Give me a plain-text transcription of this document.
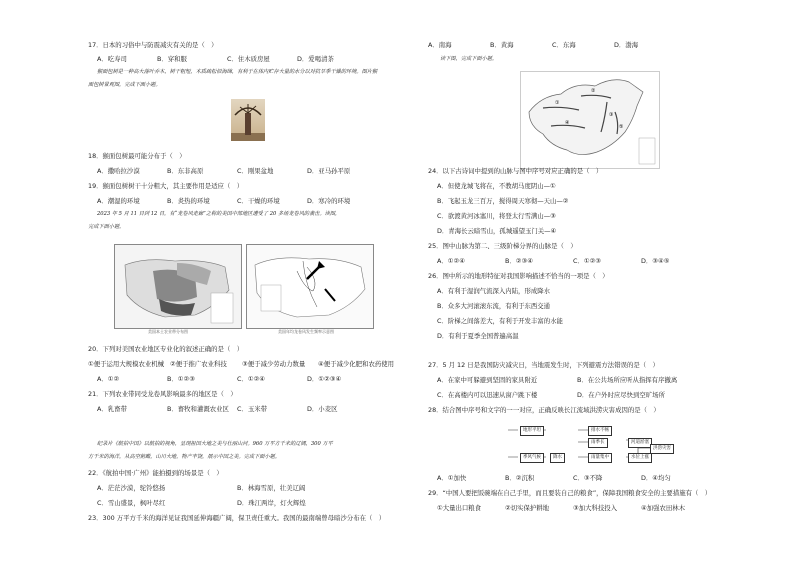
17．日本的习俗中与防震减灾有关的是（　）
A．吃寿司	B．穿和服	C．住木质房屋	D．爱喝清茶
猴面包树是一种高大落叶乔木，树干粗短，木质疏松似海绵，有利于在体内贮存大量的水分以对抗旱季干燥的环境。图片猴
面包树景观图，完成下面小题。
18．猴面包树最可能分布于（　）
A．撒哈拉沙漠	B．东非高原	C．刚果盆地	D．亚马孙平原
19．猴面包树树干十分粗大，其主要作用是适应（　）
A．潮湿的环境	B．炎热的环境	C．干燥的环境	D．寒冷的环境
2023 年 5 月 11 日到 12 日，有“龙卷风走廊”之称的美国中部地区遭受了 20 多场龙卷风的袭击。读图，
完成下面小题。
美国本土农业带分布图	美国年均龙卷风发生频率示意图
20．下列对美国农业地区专业化的叙述正确的是（　）
①便于运用大规模农业机械 ②便于推广农业科技 ③便于减少劳动力数量 ④便于减少化肥和农药使用
A．①②	B．①②③	C．①②④	D．①②③④
21．下列农业带同受龙卷风影响最多的地区是（　）
A．乳畜带	B．畜牧和灌溉农业区 C．玉米带	D．小麦区
纪录片《航拍中国》以航拍的视角，呈现祖国大地之美与壮丽山河。960 万平方千米的辽阔，300 万平
方千米的海洋，从高空俯瞰，山川大地，物产丰饶，展示中国之美。完成下面小题。
22．《航拍中国·广州》能拍摄到的场景是（　）
A．茫茫沙漠，驼铃悠扬	B．林海雪原，壮美辽阔
C．雪山盛景，枫叶尽红	D．珠江两岸，灯火辉煌
23．300 万平方千米的海洋见证我国延伸海疆广阔，保卫责任重大。我国的最南端曾母暗沙分布在（　）
A．南海	B．黄海	C．东海	D．渤海
读下图，完成下面小题。
①
②
③
④
⑤
24．以下古诗词中提到的山脉与图中序号对应正确的是（　）
A．但使龙城飞将在，不教胡马度阴山—①
B．飞起玉龙三百万，搅得周天寒彻—天山—②
C．欲渡黄河冰塞川，将登太行雪满山—③
D．青海长云暗雪山，孤城遥望玉门关—④
25．图中山脉为第二、三级阶梯分界的山脉是（　）
A．①②④	B．②③④	C．①②③	D．③④⑤
26．图中所示的地形特征对我国影响描述不恰当的一项是（　）
A．有利于湿润气流深入内陆，形成降水
B．众多大河滚滚东流，有利于东西交通
C．阶梯之间落差大，有利于开发丰富的水能
D．有利于夏季全国普遍高温
27．5 月 12 日是我国防灾减灾日，当地震发生时，下列避震方法错误的是（　）
A．在家中可躲避到坚固的家具附近	B．在公共场所应听从指挥有序撤离
C．在高楼内可以迅速从窗户跳下楼	D．在户外时应尽快到空旷场所
28．结合图中序号和文字的一一对应，正确反映长江流域洪涝灾害成因的是（　）
地形平坦	排水不畅
季风气候	降水
雨季长
雨量集中
河道淤塞
水位上涨
洪涝灾害
A．①加快	B．②沉积	C．③不降	D．④均匀
29．“中国人要把饭碗端在自己手里，而且要装自己的粮食”，保障我国粮食安全的主要措施有（　）
①大量出口粮食	②切实保护耕地	③加大科技投入	④加强农田林木
